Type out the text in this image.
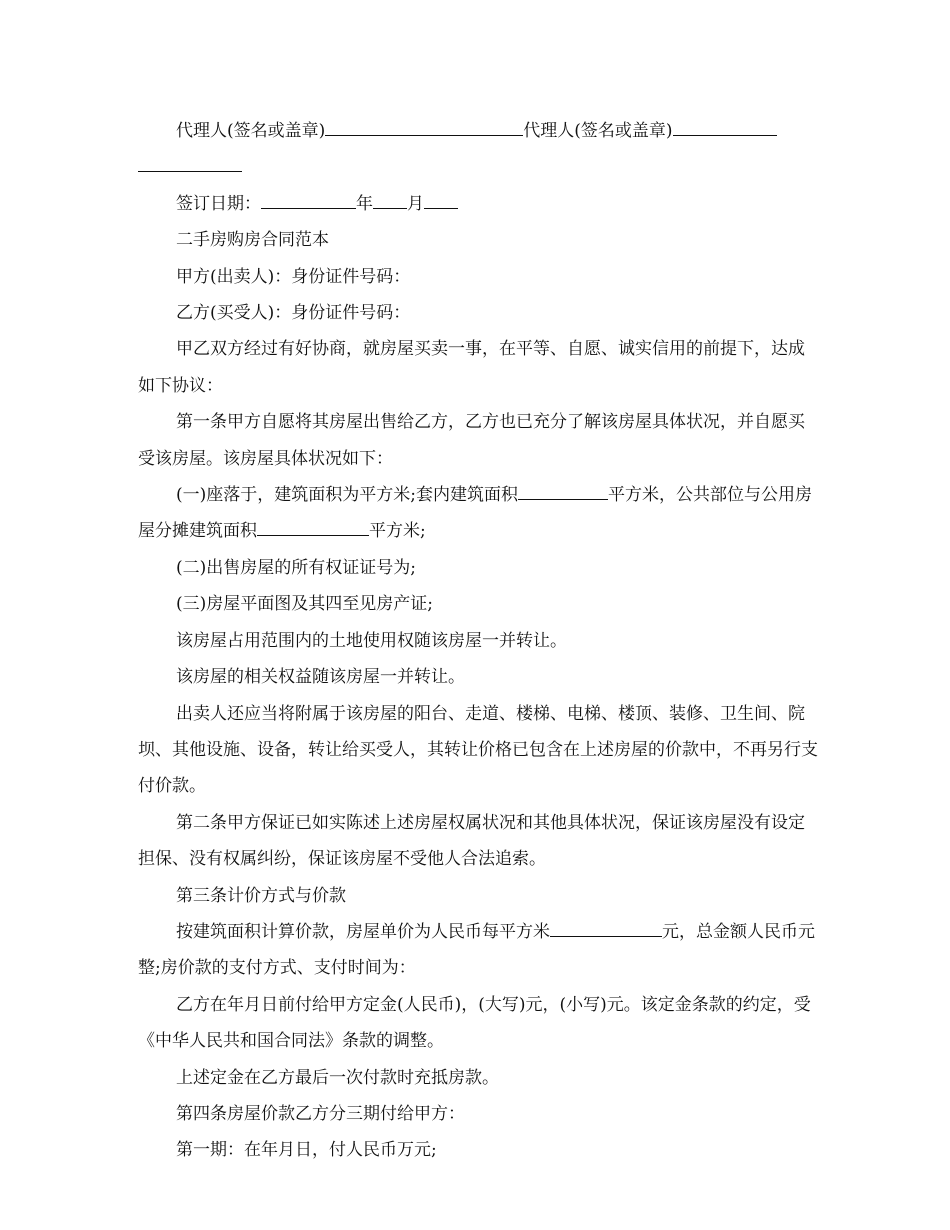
代理人(签名或盖章)	代理人(签名或盖章)

签订日期：	年 月

二手房购房合同范本

甲方(出卖人)：身份证件号码：

乙方(买受人)：身份证件号码：

甲乙双方经过有好协商，就房屋买卖一事，在平等、自愿、诚实信用的前提下，达成如下协议：

第一条甲方自愿将其房屋出售给乙方，乙方也已充分了解该房屋具体状况，并自愿买受该房屋。该房屋具体状况如下：

(一)座落于，建筑面积为平方米;套内建筑面积	平方米，公共部位与公用房屋分摊建筑面积	平方米;

(二)出售房屋的所有权证证号为;

(三)房屋平面图及其四至见房产证;

该房屋占用范围内的土地使用权随该房屋一并转让。

该房屋的相关权益随该房屋一并转让。

出卖人还应当将附属于该房屋的阳台、走道、楼梯、电梯、楼顶、装修、卫生间、院坝、其他设施、设备，转让给买受人，其转让价格已包含在上述房屋的价款中，不再另行支付价款。

第二条甲方保证已如实陈述上述房屋权属状况和其他具体状况，保证该房屋没有设定担保、没有权属纠纷，保证该房屋不受他人合法追索。

第三条计价方式与价款

按建筑面积计算价款，房屋单价为人民币每平方米	元，总金额人民币元整;房价款的支付方式、支付时间为：

乙方在年月日前付给甲方定金(人民币)，(大写)元，(小写)元。该定金条款的约定，受《中华人民共和国合同法》条款的调整。

上述定金在乙方最后一次付款时充抵房款。

第四条房屋价款乙方分三期付给甲方：

第一期：在年月日，付人民币万元;
